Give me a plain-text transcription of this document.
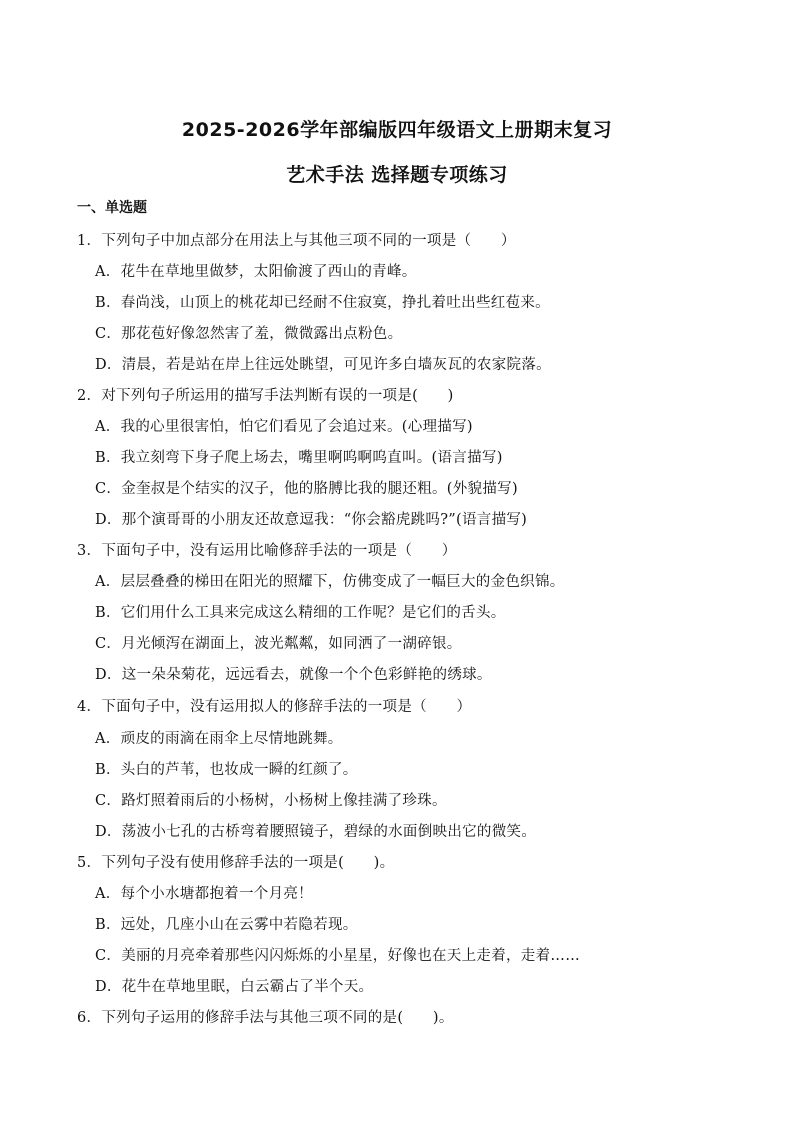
2025-2026学年部编版四年级语文上册期末复习
艺术手法 选择题专项练习
一、单选题
1．下列句子中加点部分在用法上与其他三项不同的一项是（　　）
A．花牛在草地里做梦，太阳偷渡了西山的青峰。
B．春尚浅，山顶上的桃花却已经耐不住寂寞，挣扎着吐出些红苞来。
C．那花苞好像忽然害了羞，微微露出点粉色。
D．清晨，若是站在岸上往远处眺望，可见许多白墙灰瓦的农家院落。
2．对下列句子所运用的描写手法判断有误的一项是(　　)
A．我的心里很害怕，怕它们看见了会追过来。(心理描写)
B．我立刻弯下身子爬上场去，嘴里啊呜啊呜直叫。(语言描写)
C．金奎叔是个结实的汉子，他的胳膊比我的腿还粗。(外貌描写)
D．那个演哥哥的小朋友还故意逗我：“你会豁虎跳吗?”(语言描写)
3．下面句子中，没有运用比喻修辞手法的一项是（　　）
A．层层叠叠的梯田在阳光的照耀下，仿佛变成了一幅巨大的金色织锦。
B．它们用什么工具来完成这么精细的工作呢？是它们的舌头。
C．月光倾泻在湖面上，波光粼粼，如同洒了一湖碎银。
D．这一朵朵菊花，远远看去，就像一个个色彩鲜艳的绣球。
4．下面句子中，没有运用拟人的修辞手法的一项是（　　）
A．顽皮的雨滴在雨伞上尽情地跳舞。
B．头白的芦苇，也妆成一瞬的红颜了。
C．路灯照着雨后的小杨树，小杨树上像挂满了珍珠。
D．荡波小七孔的古桥弯着腰照镜子，碧绿的水面倒映出它的微笑。
5．下列句子没有使用修辞手法的一项是(　　)。
A．每个小水塘都抱着一个月亮！
B．远处，几座小山在云雾中若隐若现。
C．美丽的月亮牵着那些闪闪烁烁的小星星，好像也在天上走着，走着……
D．花牛在草地里眠，白云霸占了半个天。
6．下列句子运用的修辞手法与其他三项不同的是(　　)。
